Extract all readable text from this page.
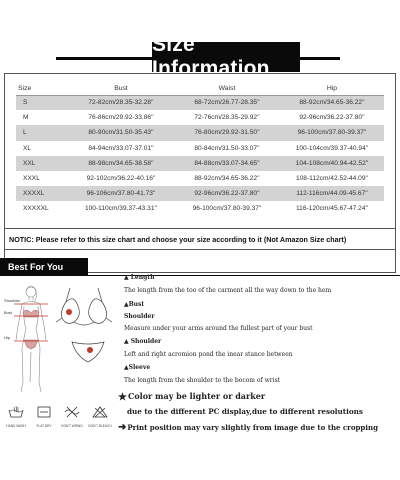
Size Information
Size	Bust	Waist	Hip
S	72-82cm/28.35-32.28''	68-72cm/26.77-28.35''	88-92cm/34.65-36.22''
M	76-86cm/29.92-33.86''	72-76cm/28.35-29.92''	92-96cm/36.22-37.80''
L	80-90cm/31.50-35.43''	76-80cm/29.92-31.50''	96-100cm/37.80-39.37''
XL	84-94cm/33.07-37.01''	80-84cm/31.50-33.07''	100-104cm/39.37-40.94''
XXL	88-98cm/34.65-38.58''	84-88cm/33.07-34.65''	104-108cm/40.94-42.52''
XXXL	92-102cm/36.22-40.16''	88-92cm/34.65-36.22''	108-112cm/42.52-44.09''
XXXXL	96-106cm/37.80-41.73''	92-96cm/36.22-37.80''	112-116cm/44.09-45.67''
XXXXXL	100-110cm/39.37-43.31''	96-100cm/37.80-39.37''	116-120cm/45.67-47.24''
NOTIC: Please refer to this size chart and choose your size according to it (Not Amazon Size chart)
Best For You
Shoulder
Bust
Hip
▲ Length
The length from the too of the carment all the way down to the hem
▲Bust
Shoulder
Measure under your arms around the fullest part of your bust
▲ Shoulder
Left and right acromion pond the inear stance between
▲Sleeve
The length from the shoulder to the bocom of wrist
HAND WASH	FLAT DRY	DON'T WRING	DON'T BLEACH
★Color may be lighter or darker
due to the different PC display,due to different resolutions
➜Print position may vary slightly from image due to the cropping
